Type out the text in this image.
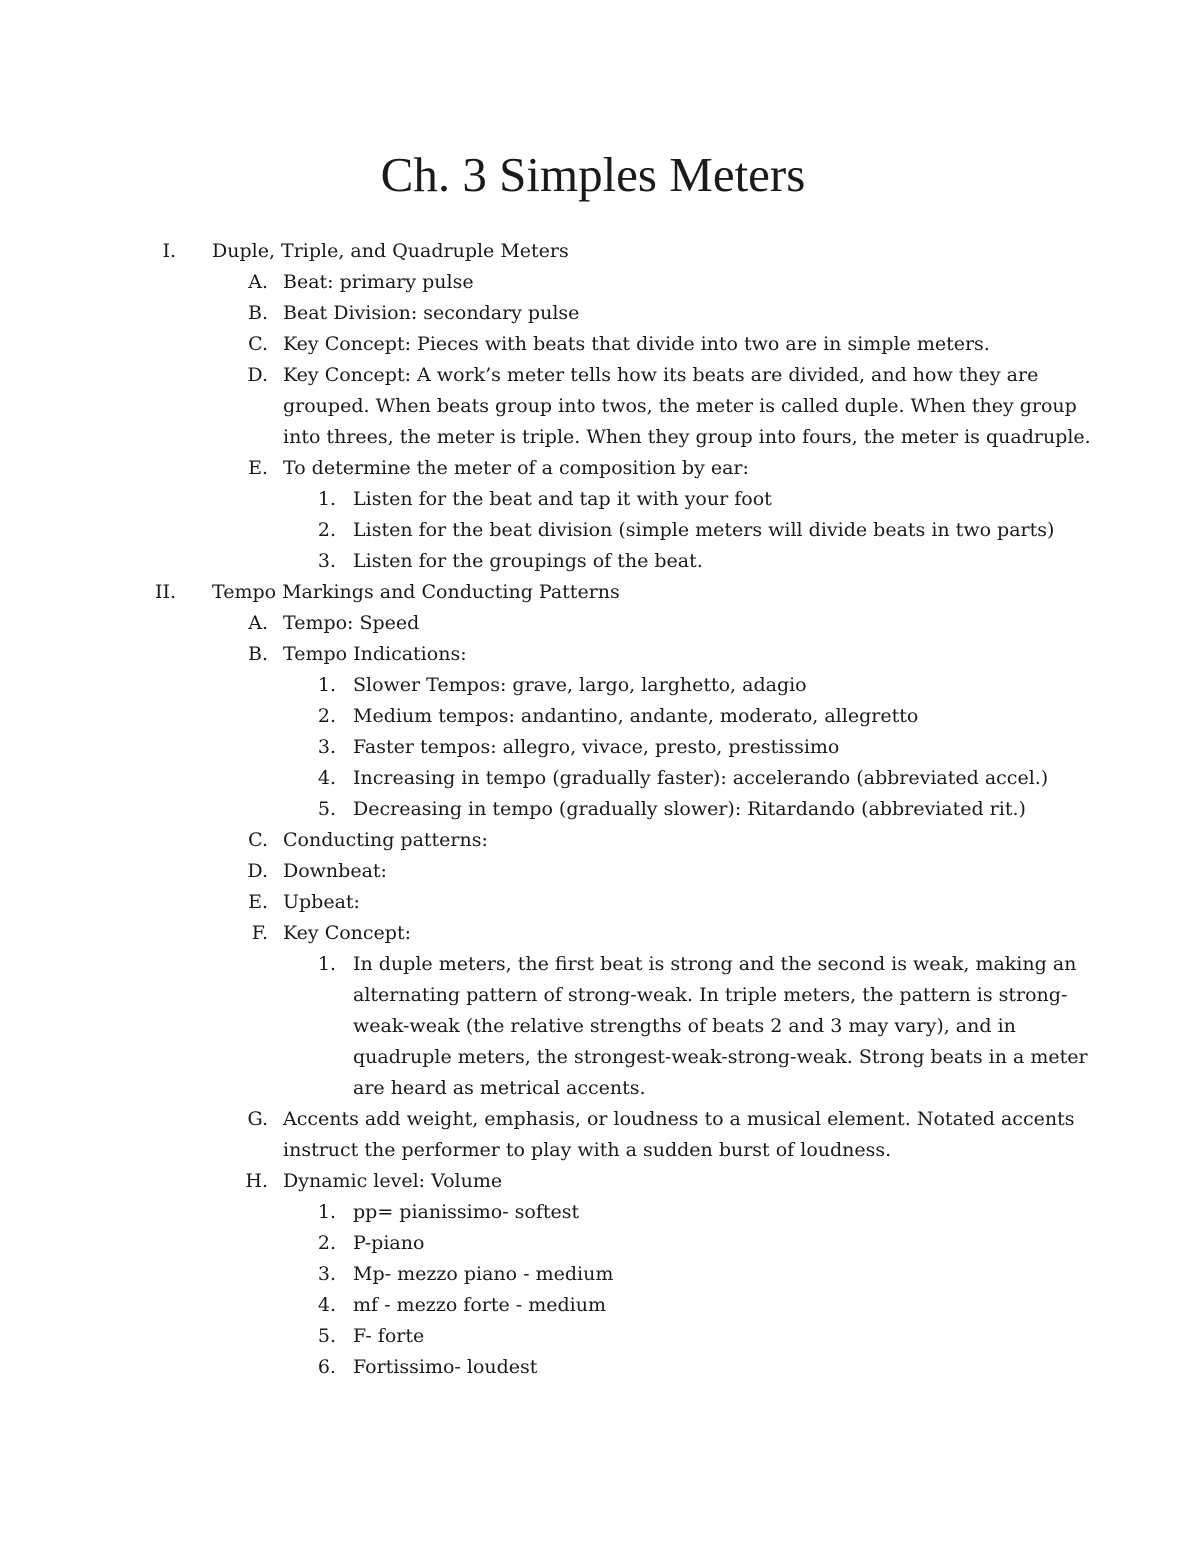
Ch. 3 Simples Meters
I. Duple, Triple, and Quadruple Meters
A. Beat: primary pulse
B. Beat Division: secondary pulse
C. Key Concept: Pieces with beats that divide into two are in simple meters.
D. Key Concept: A work’s meter tells how its beats are divided, and how they are
grouped. When beats group into twos, the meter is called duple. When they group
into threes, the meter is triple. When they group into fours, the meter is quadruple.
E. To determine the meter of a composition by ear:
1. Listen for the beat and tap it with your foot
2. Listen for the beat division (simple meters will divide beats in two parts)
3. Listen for the groupings of the beat.
II. Tempo Markings and Conducting Patterns
A. Tempo: Speed
B. Tempo Indications:
1. Slower Tempos: grave, largo, larghetto, adagio
2. Medium tempos: andantino, andante, moderato, allegretto
3. Faster tempos: allegro, vivace, presto, prestissimo
4. Increasing in tempo (gradually faster): accelerando (abbreviated accel.)
5. Decreasing in tempo (gradually slower): Ritardando (abbreviated rit.)
C. Conducting patterns:
D. Downbeat:
E. Upbeat:
F. Key Concept:
1. In duple meters, the first beat is strong and the second is weak, making an
alternating pattern of strong-weak. In triple meters, the pattern is strong-
weak-weak (the relative strengths of beats 2 and 3 may vary), and in
quadruple meters, the strongest-weak-strong-weak. Strong beats in a meter
are heard as metrical accents.
G. Accents add weight, emphasis, or loudness to a musical element. Notated accents
instruct the performer to play with a sudden burst of loudness.
H. Dynamic level: Volume
1. pp= pianissimo- softest
2. P-piano
3. Mp- mezzo piano - medium
4. mf - mezzo forte - medium
5. F- forte
6. Fortissimo- loudest
